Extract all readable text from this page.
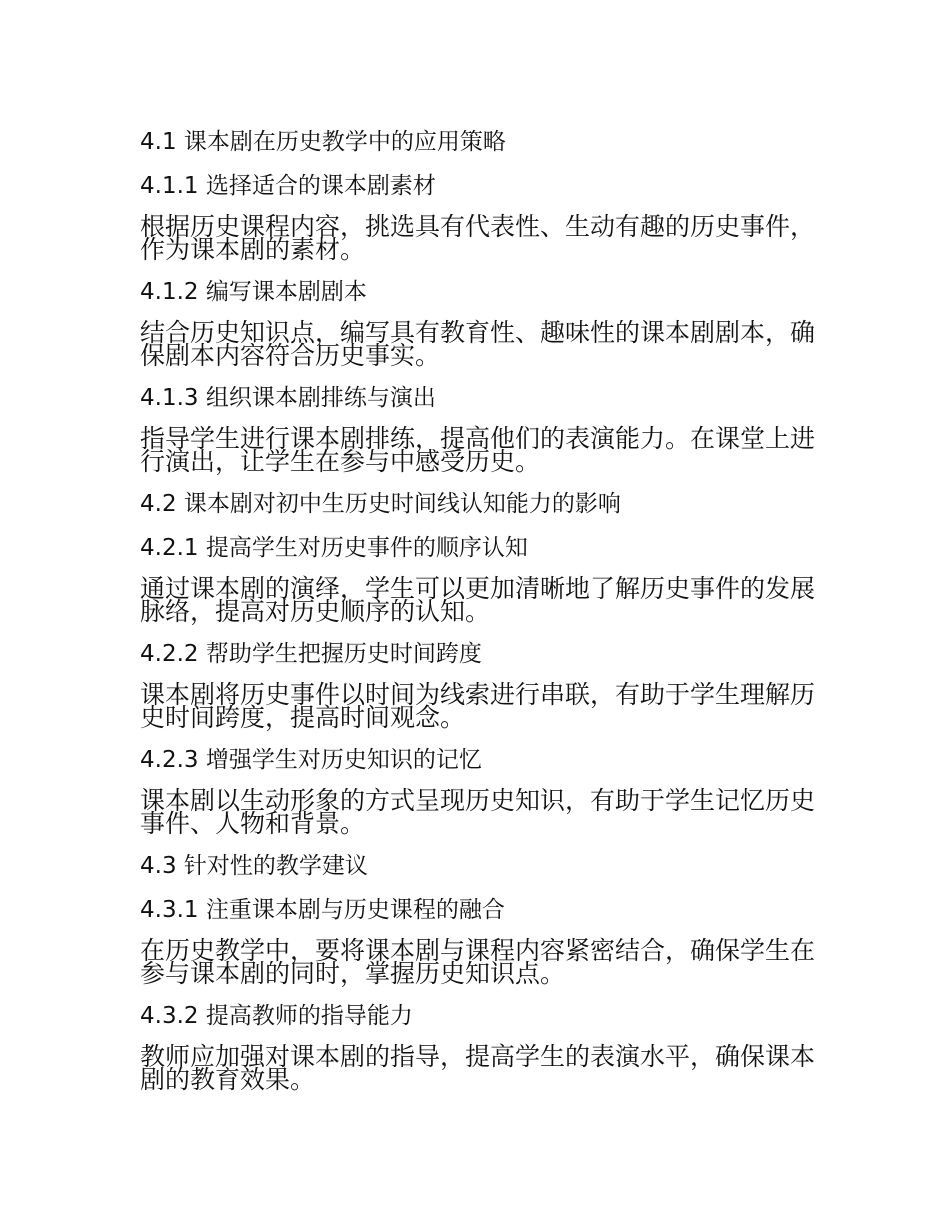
4.1 课本剧在历史教学中的应用策略
4.1.1 选择适合的课本剧素材
根据历史课程内容，挑选具有代表性、生动有趣的历史事件，
作为课本剧的素材。
4.1.2 编写课本剧剧本
结合历史知识点，编写具有教育性、趣味性的课本剧剧本，确
保剧本内容符合历史事实。
4.1.3 组织课本剧排练与演出
指导学生进行课本剧排练，提高他们的表演能力。在课堂上进
行演出，让学生在参与中感受历史。
4.2 课本剧对初中生历史时间线认知能力的影响
4.2.1 提高学生对历史事件的顺序认知
通过课本剧的演绎，学生可以更加清晰地了解历史事件的发展
脉络，提高对历史顺序的认知。
4.2.2 帮助学生把握历史时间跨度
课本剧将历史事件以时间为线索进行串联，有助于学生理解历
史时间跨度，提高时间观念。
4.2.3 增强学生对历史知识的记忆
课本剧以生动形象的方式呈现历史知识，有助于学生记忆历史
事件、人物和背景。
4.3 针对性的教学建议
4.3.1 注重课本剧与历史课程的融合
在历史教学中，要将课本剧与课程内容紧密结合，确保学生在
参与课本剧的同时，掌握历史知识点。
4.3.2 提高教师的指导能力
教师应加强对课本剧的指导，提高学生的表演水平，确保课本
剧的教育效果。
